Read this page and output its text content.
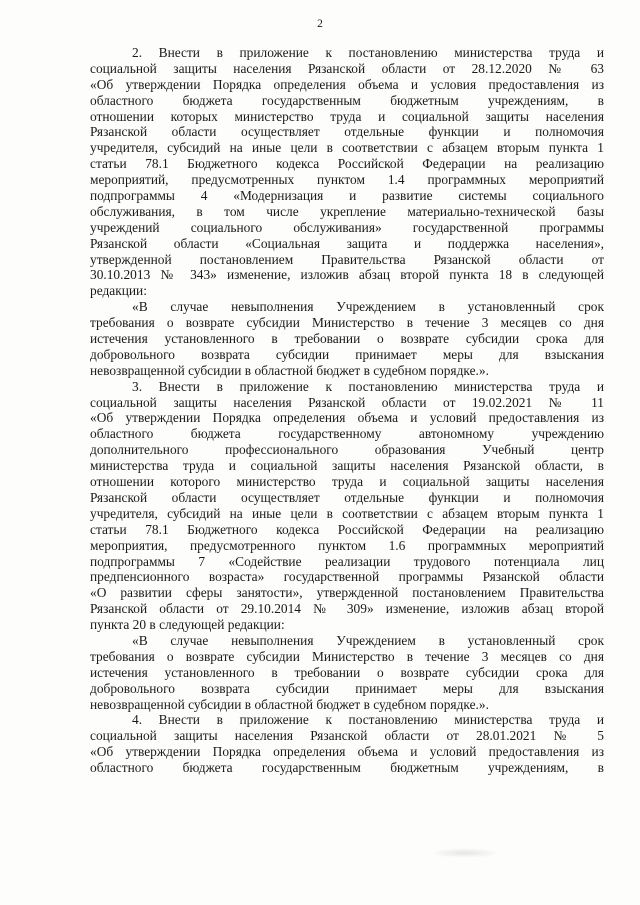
2
2. Внести в приложение к постановлению министерства труда и
социальной защиты населения Рязанской области от 28.12.2020 № 63
«Об утверждении Порядка определения объема и условия предоставления из
областного бюджета государственным бюджетным учреждениям, в
отношении которых министерство труда и социальной защиты населения
Рязанской области осуществляет отдельные функции и полномочия
учредителя, субсидий на иные цели в соответствии с абзацем вторым пункта 1
статьи 78.1 Бюджетного кодекса Российской Федерации на реализацию
мероприятий, предусмотренных пунктом 1.4 программных мероприятий
подпрограммы 4 «Модернизация и развитие системы социального
обслуживания, в том числе укрепление материально-технической базы
учреждений социального обслуживания» государственной программы
Рязанской области «Социальная защита и поддержка населения»,
утвержденной постановлением Правительства Рязанской области от
30.10.2013 № 343» изменение, изложив абзац второй пункта 18 в следующей
редакции:
«В случае невыполнения Учреждением в установленный срок
требования о возврате субсидии Министерство в течение 3 месяцев со дня
истечения установленного в требовании о возврате субсидии срока для
добровольного возврата субсидии принимает меры для взыскания
невозвращенной субсидии в областной бюджет в судебном порядке.».
3. Внести в приложение к постановлению министерства труда и
социальной защиты населения Рязанской области от 19.02.2021 № 11
«Об утверждении Порядка определения объема и условий предоставления из
областного бюджета государственному автономному учреждению
дополнительного профессионального образования Учебный центр
министерства труда и социальной защиты населения Рязанской области, в
отношении которого министерство труда и социальной защиты населения
Рязанской области осуществляет отдельные функции и полномочия
учредителя, субсидий на иные цели в соответствии с абзацем вторым пункта 1
статьи 78.1 Бюджетного кодекса Российской Федерации на реализацию
мероприятия, предусмотренного пунктом 1.6 программных мероприятий
подпрограммы 7 «Содействие реализации трудового потенциала лиц
предпенсионного возраста» государственной программы Рязанской области
«О развитии сферы занятости», утвержденной постановлением Правительства
Рязанской области от 29.10.2014 № 309» изменение, изложив абзац второй
пункта 20 в следующей редакции:
«В случае невыполнения Учреждением в установленный срок
требования о возврате субсидии Министерство в течение 3 месяцев со дня
истечения установленного в требовании о возврате субсидии срока для
добровольного возврата субсидии принимает меры для взыскания
невозвращенной субсидии в областной бюджет в судебном порядке.».
4. Внести в приложение к постановлению министерства труда и
социальной защиты населения Рязанской области от 28.01.2021 № 5
«Об утверждении Порядка определения объема и условий предоставления из
областного бюджета государственным бюджетным учреждениям, в
